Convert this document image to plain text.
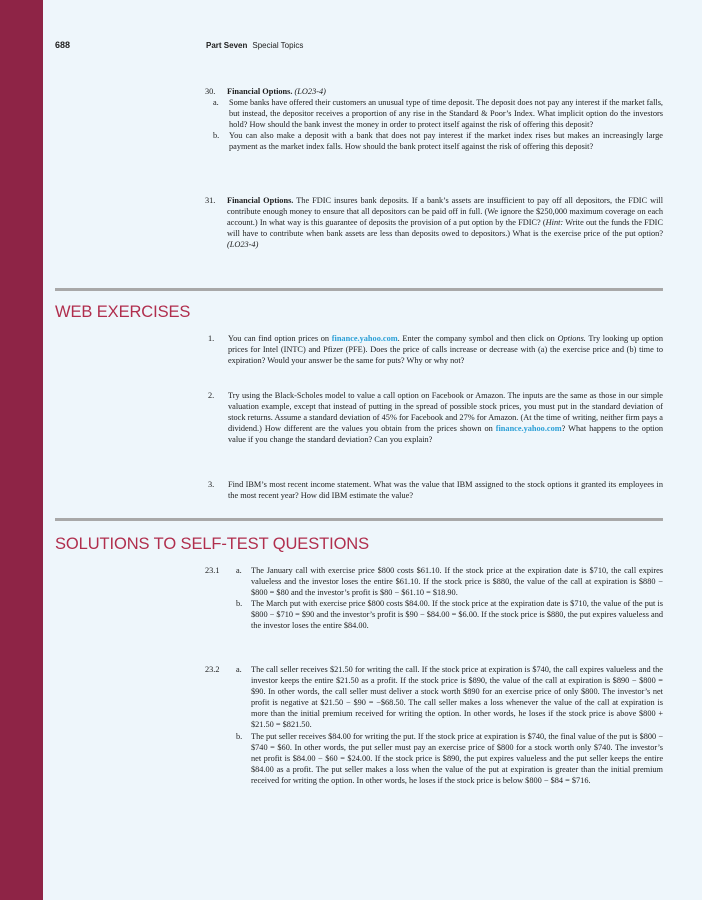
688	Part Seven Special Topics
30. Financial Options. (LO23-4)
a. Some banks have offered their customers an unusual type of time deposit. The deposit does not pay any interest if the market falls, but instead, the depositor receives a proportion of any rise in the Standard & Poor’s Index. What implicit option do the investors hold? How should the bank invest the money in order to protect itself against the risk of offering this deposit?
b. You can also make a deposit with a bank that does not pay interest if the market index rises but makes an increasingly large payment as the market index falls. How should the bank protect itself against the risk of offering this deposit?
31. Financial Options. The FDIC insures bank deposits. If a bank’s assets are insufficient to pay off all depositors, the FDIC will contribute enough money to ensure that all depositors can be paid off in full. (We ignore the $250,000 maximum coverage on each account.) In what way is this guarantee of deposits the provision of a put option by the FDIC? (Hint: Write out the funds the FDIC will have to contribute when bank assets are less than deposits owed to depositors.) What is the exercise price of the put option? (LO23-4)
WEB EXERCISES
1. You can find option prices on finance.yahoo.com. Enter the company symbol and then click on Options. Try looking up option prices for Intel (INTC) and Pfizer (PFE). Does the price of calls increase or decrease with (a) the exercise price and (b) time to expiration? Would your answer be the same for puts? Why or why not?
2. Try using the Black-Scholes model to value a call option on Facebook or Amazon. The inputs are the same as those in our simple valuation example, except that instead of putting in the spread of possible stock prices, you must put in the standard deviation of stock returns. Assume a standard deviation of 45% for Facebook and 27% for Amazon. (At the time of writing, neither firm pays a dividend.) How different are the values you obtain from the prices shown on finance.yahoo.com? What happens to the option value if you change the standard deviation? Can you explain?
3. Find IBM’s most recent income statement. What was the value that IBM assigned to the stock options it granted its employees in the most recent year? How did IBM estimate the value?
SOLUTIONS TO SELF-TEST QUESTIONS
23.1 a. The January call with exercise price $800 costs $61.10. If the stock price at the expiration date is $710, the call expires valueless and the investor loses the entire $61.10. If the stock price is $880, the value of the call at expiration is $880 − $800 = $80 and the investor’s profit is $80 − $61.10 = $18.90.
b. The March put with exercise price $800 costs $84.00. If the stock price at the expiration date is $710, the value of the put is $800 − $710 = $90 and the investor’s profit is $90 − $84.00 = $6.00. If the stock price is $880, the put expires valueless and the investor loses the entire $84.00.
23.2 a. The call seller receives $21.50 for writing the call. If the stock price at expiration is $740, the call expires valueless and the investor keeps the entire $21.50 as a profit. If the stock price is $890, the value of the call at expiration is $890 − $800 = $90. In other words, the call seller must deliver a stock worth $890 for an exercise price of only $800. The investor’s net profit is negative at $21.50 − $90 = −$68.50. The call seller makes a loss whenever the value of the call at expiration is more than the initial premium received for writing the option. In other words, he loses if the stock price is above $800 + $21.50 = $821.50.
b. The put seller receives $84.00 for writing the put. If the stock price at expiration is $740, the final value of the put is $800 − $740 = $60. In other words, the put seller must pay an exercise price of $800 for a stock worth only $740. The investor’s net profit is $84.00 − $60 = $24.00. If the stock price is $890, the put expires valueless and the put seller keeps the entire $84.00 as a profit. The put seller makes a loss when the value of the put at expiration is greater than the initial premium received for writing the option. In other words, he loses if the stock price is below $800 − $84 = $716.
